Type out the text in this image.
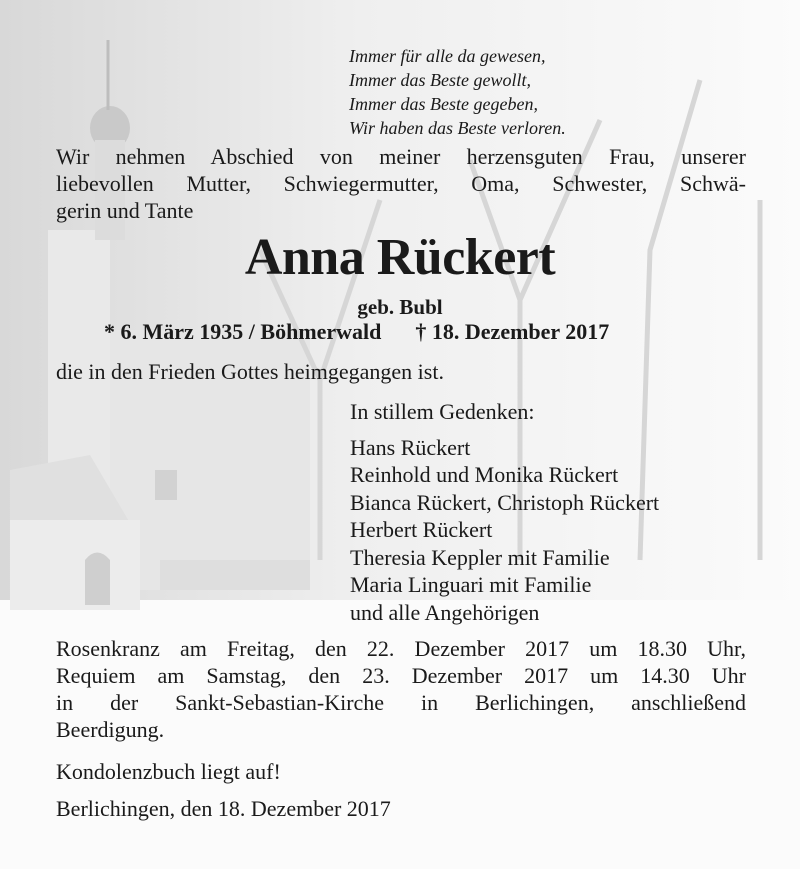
Immer für alle da gewesen,
Immer das Beste gewollt,
Immer das Beste gegeben,
Wir haben das Beste verloren.
Wir nehmen Abschied von meiner herzensguten Frau, unserer
liebevollen Mutter, Schwiegermutter, Oma, Schwester, Schwä-
gerin und Tante
Anna Rückert
geb. Bubl
* 6. März 1935 / Böhmerwald † 18. Dezember 2017
die in den Frieden Gottes heimgegangen ist.
In stillem Gedenken:
Hans Rückert
Reinhold und Monika Rückert
Bianca Rückert, Christoph Rückert
Herbert Rückert
Theresia Keppler mit Familie
Maria Linguari mit Familie
und alle Angehörigen
Rosenkranz am Freitag, den 22. Dezember 2017 um 18.30 Uhr,
Requiem am Samstag, den 23. Dezember 2017 um 14.30 Uhr
in der Sankt-Sebastian-Kirche in Berlichingen, anschließend
Beerdigung.
Kondolenzbuch liegt auf!
Berlichingen, den 18. Dezember 2017
